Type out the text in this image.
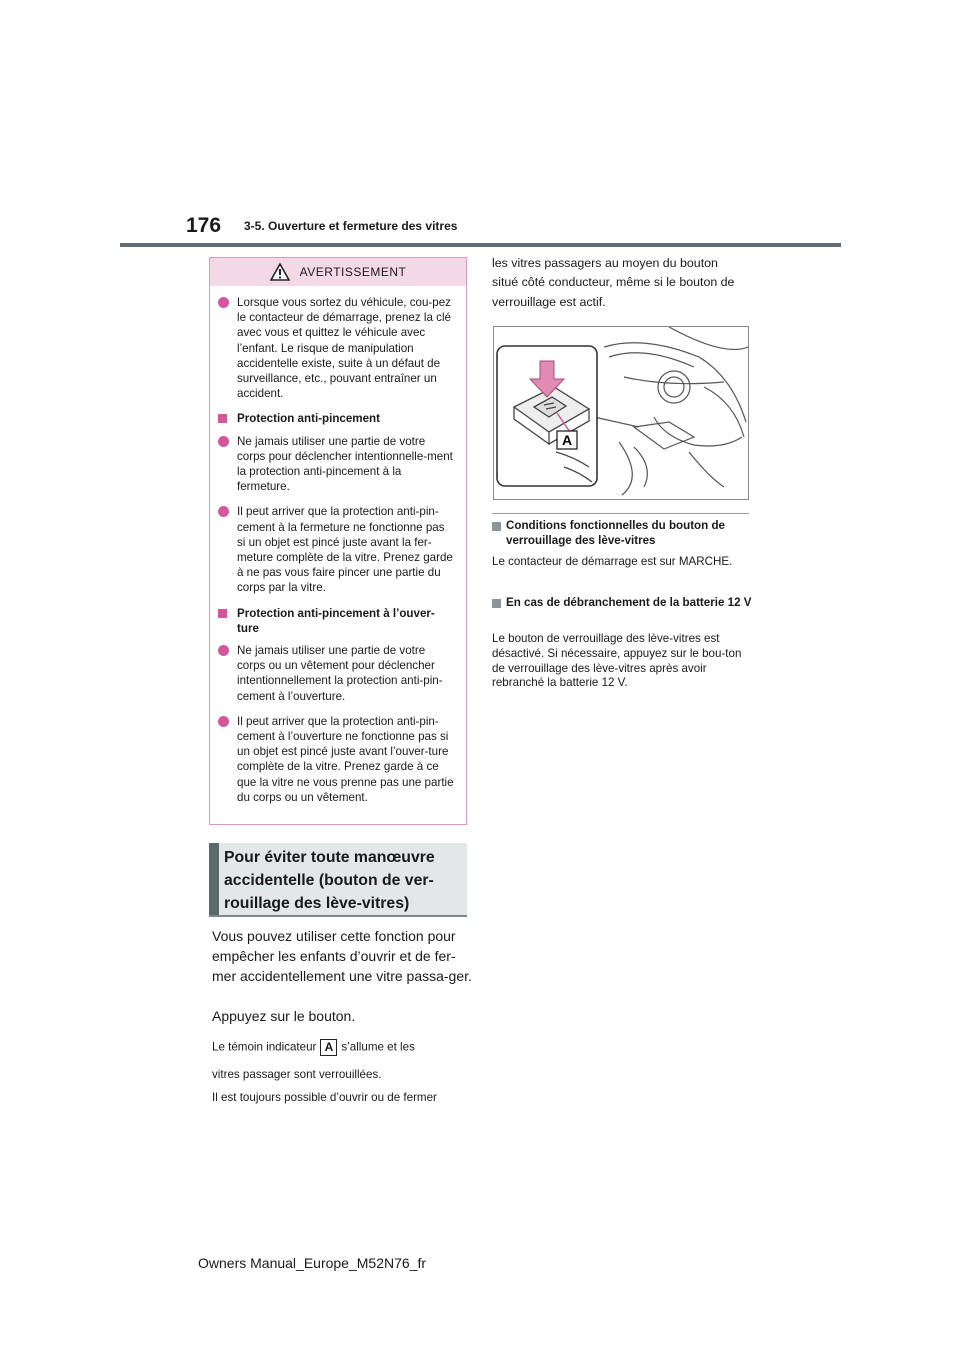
176 3-5. Ouverture et fermeture des vitres
AVERTISSEMENT
Lorsque vous sortez du véhicule, cou-pez le contacteur de démarrage, prenez la clé avec vous et quittez le véhicule avec l’enfant. Le risque de manipulation accidentelle existe, suite à un défaut de surveillance, etc., pouvant entraîner un accident.
Protection anti-pincement
Ne jamais utiliser une partie de votre corps pour déclencher intentionnelle-ment la protection anti-pincement à la fermeture.
Il peut arriver que la protection anti-pin-cement à la fermeture ne fonctionne pas si un objet est pincé juste avant la fer-meture complète de la vitre. Prenez garde à ne pas vous faire pincer une partie du corps par la vitre.
Protection anti-pincement à l’ouver-ture
Ne jamais utiliser une partie de votre corps ou un vêtement pour déclencher intentionnellement la protection anti-pin-cement à l’ouverture.
Il peut arriver que la protection anti-pin-cement à l’ouverture ne fonctionne pas si un objet est pincé juste avant l’ouver-ture complète de la vitre. Prenez garde à ce que la vitre ne vous prenne pas une partie du corps ou un vêtement.
Pour éviter toute manœuvre
accidentelle (bouton de ver-
rouillage des lève-vitres)
Vous pouvez utiliser cette fonction pour empêcher les enfants d’ouvrir et de fer-mer accidentellement une vitre passa-ger.
Appuyez sur le bouton.
Le témoin indicateur A s’allume et les
vitres passager sont verrouillées.
Il est toujours possible d’ouvrir ou de fermer
les vitres passagers au moyen du bouton
situé côté conducteur, même si le bouton de
verrouillage est actif.
A
Conditions fonctionnelles du bouton de verrouillage des lève-vitres
Le contacteur de démarrage est sur MARCHE.
En cas de débranchement de la batterie 12 V
Le bouton de verrouillage des lève-vitres est désactivé. Si nécessaire, appuyez sur le bou-ton de verrouillage des lève-vitres après avoir rebranché la batterie 12 V.
Owners Manual_Europe_M52N76_fr
